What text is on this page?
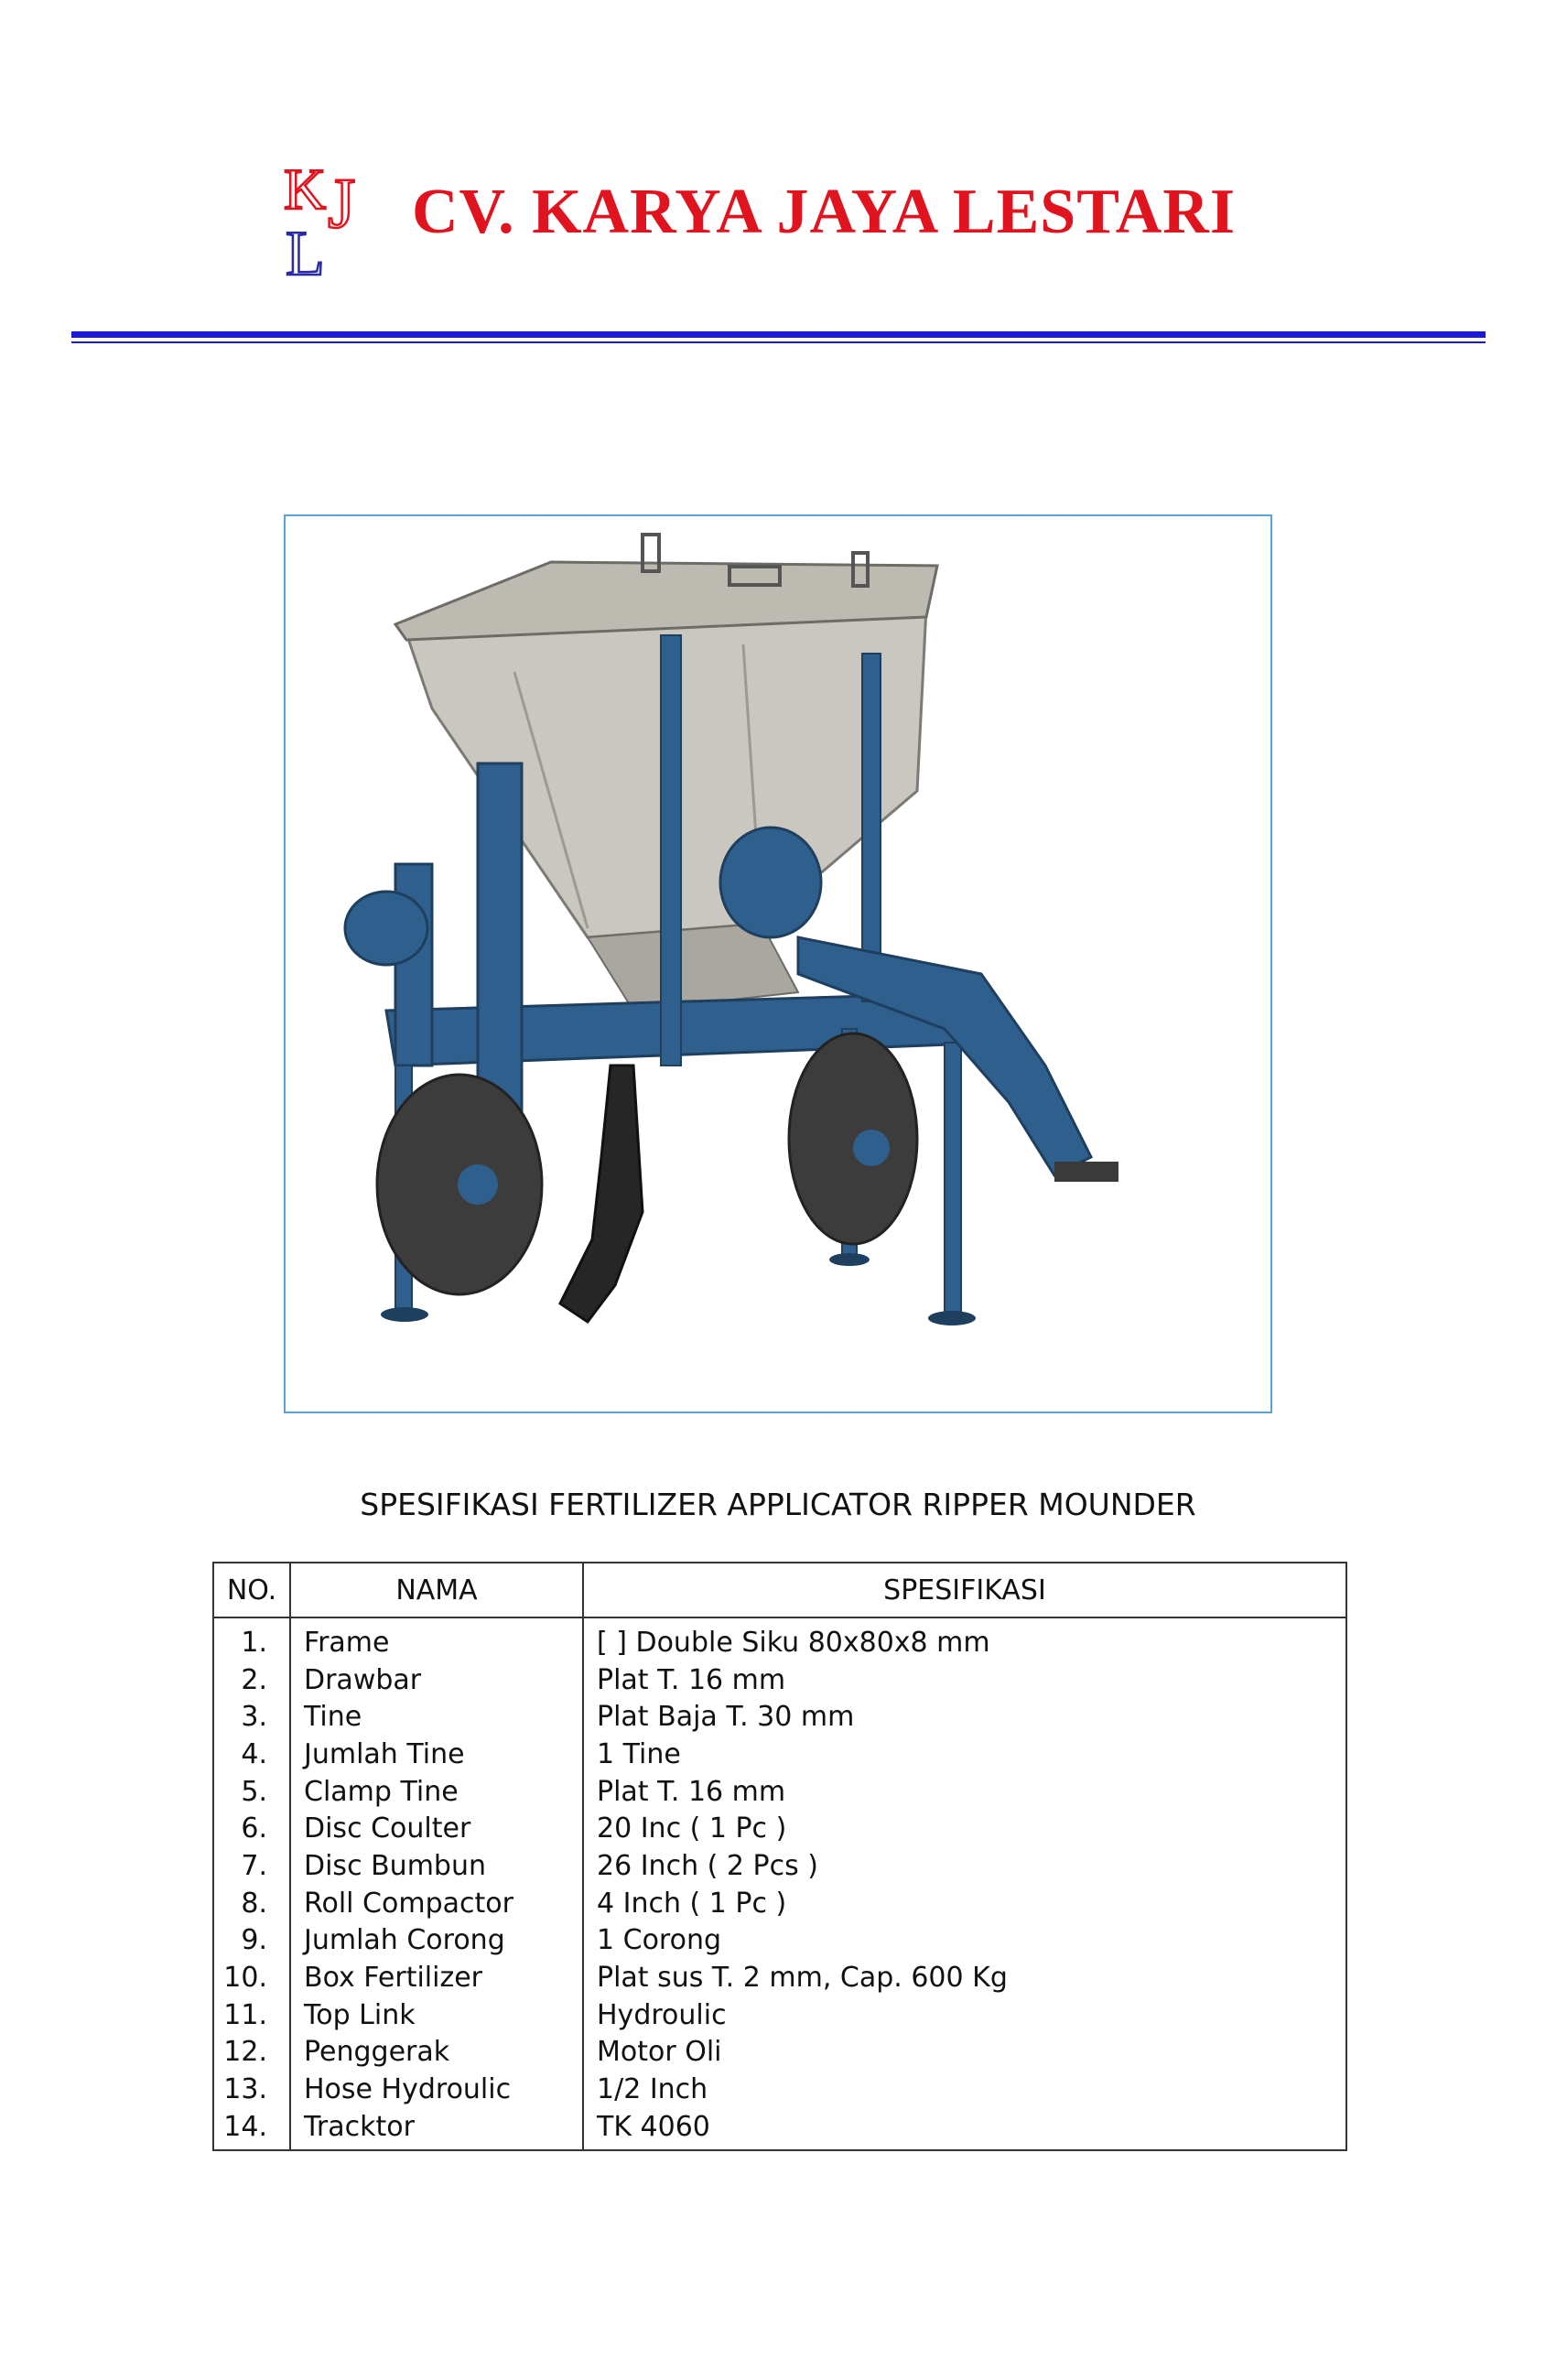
K J
L
CV. KARYA JAYA LESTARI
SPESIFIKASI FERTILIZER APPLICATOR RIPPER MOUNDER
NO.	NAMA	SPESIFIKASI
1.	Frame	[ ] Double Siku 80x80x8 mm
2.	Drawbar	Plat T. 16 mm
3.	Tine	Plat Baja T. 30 mm
4.	Jumlah Tine	1 Tine
5.	Clamp Tine	Plat T. 16 mm
6.	Disc Coulter	20 Inc ( 1 Pc )
7.	Disc Bumbun	26 Inch ( 2 Pcs )
8.	Roll Compactor	4 Inch ( 1 Pc )
9.	Jumlah Corong	1 Corong
10.	Box Fertilizer	Plat sus T. 2 mm, Cap. 600 Kg
11.	Top Link	Hydroulic
12.	Penggerak	Motor Oli
13.	Hose Hydroulic	1/2 Inch
14.	Tracktor	TK 4060
